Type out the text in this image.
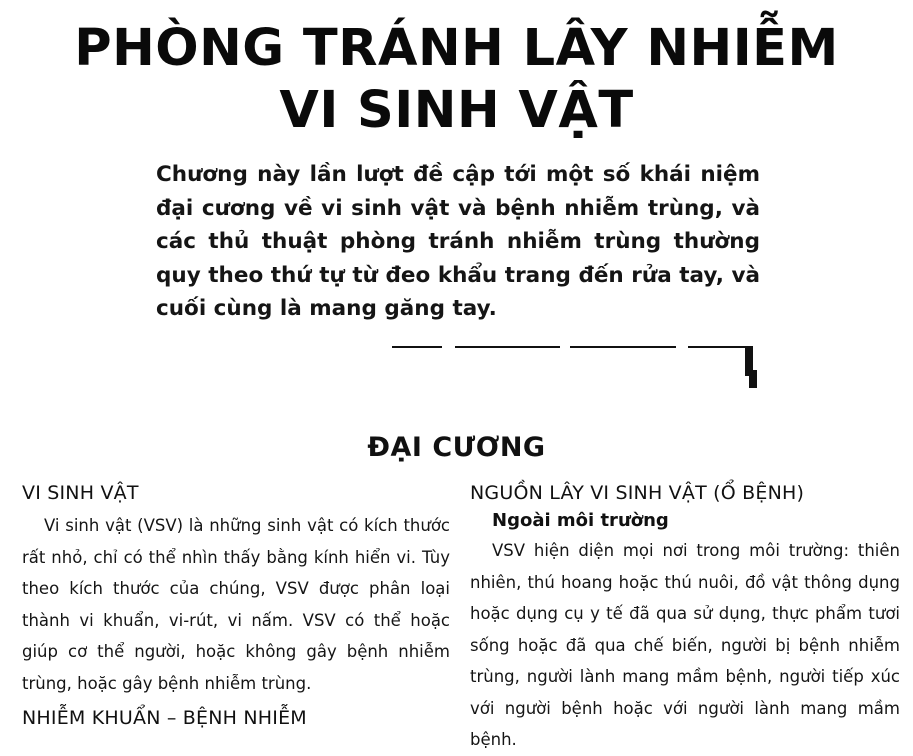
PHÒNG TRÁNH LÂY NHIỄM
VI SINH VẬT

Chương này lần lượt đề cập tới một số khái niệm đại cương về vi sinh vật và bệnh nhiễm trùng, và các thủ thuật phòng tránh nhiễm trùng thường quy theo thứ tự từ đeo khẩu trang đến rửa tay, và cuối cùng là mang găng tay.

ĐẠI CƯƠNG
VI SINH VẬT

Vi sinh vật (VSV) là những sinh vật có kích thước rất nhỏ, chỉ có thể nhìn thấy bằng kính hiển vi. Tùy theo kích thước của chúng, VSV được phân loại thành vi khuẩn, vi-rút, vi nấm. VSV có thể hoặc giúp cơ thể người, hoặc không gây bệnh nhiễm trùng, hoặc gây bệnh nhiễm trùng.

NHIỄM KHUẨN – BỆNH NHIỄM
NGUỒN LÂY VI SINH VẬT (Ổ BỆNH)
Ngoài môi trường

VSV hiện diện mọi nơi trong môi trường: thiên nhiên, thú hoang hoặc thú nuôi, đồ vật thông dụng hoặc dụng cụ y tế đã qua sử dụng, thực phẩm tươi sống hoặc đã qua chế biến, người bị bệnh nhiễm trùng, người lành mang mầm bệnh, người tiếp xúc với người bệnh hoặc với người lành mang mầm bệnh.
